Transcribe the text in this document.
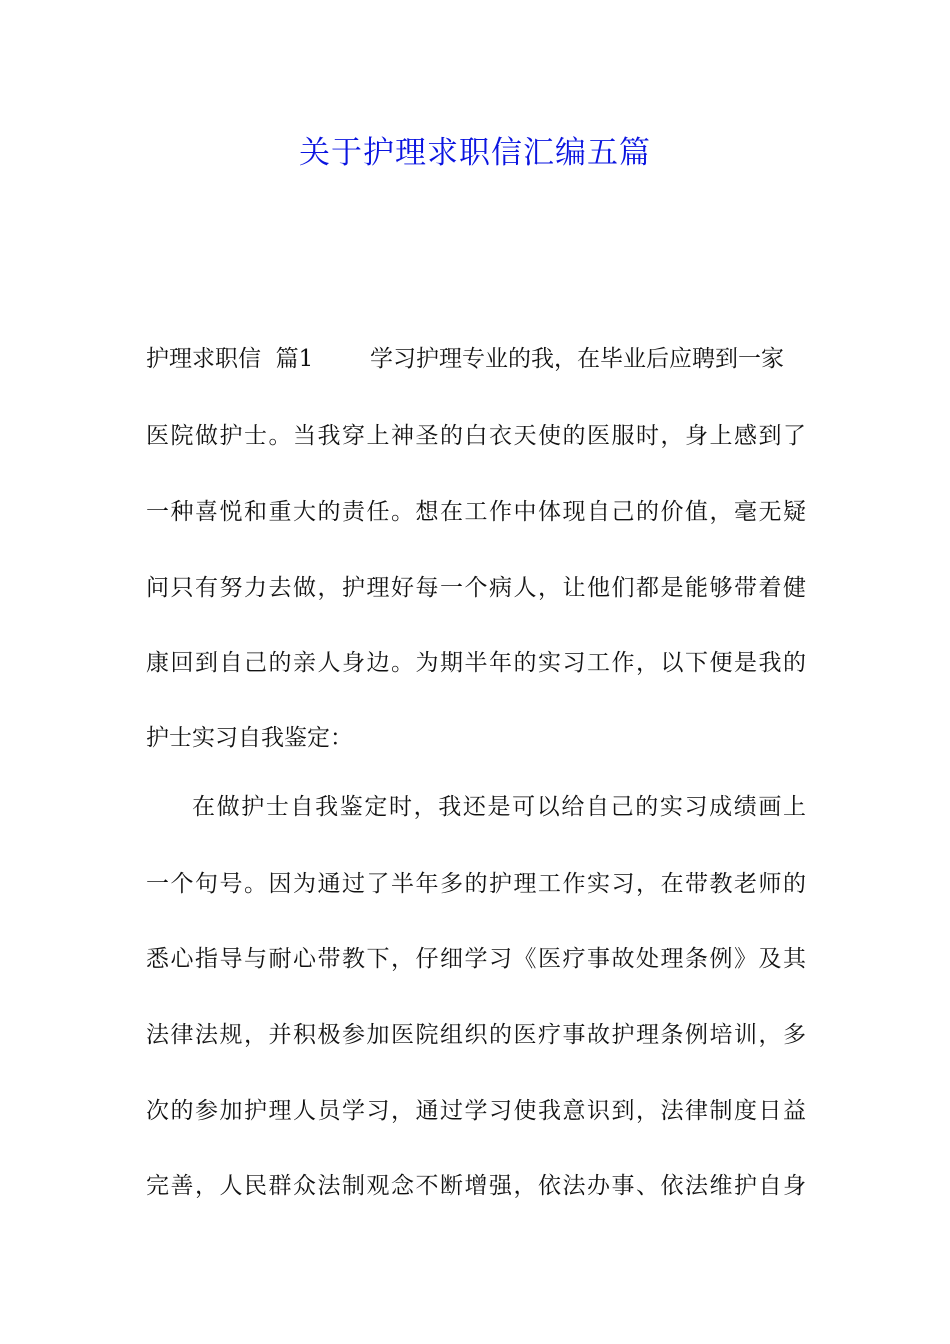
关于护理求职信汇编五篇
护理求职信  篇1 学习护理专业的我，在毕业后应聘到一家
医院做护士。当我穿上神圣的白衣天使的医服时，身上感到了
一种喜悦和重大的责任。想在工作中体现自己的价值，毫无疑
问只有努力去做，护理好每一个病人，让他们都是能够带着健
康回到自己的亲人身边。为期半年的实习工作，以下便是我的
护士实习自我鉴定：
在做护士自我鉴定时，我还是可以给自己的实习成绩画上
一个句号。因为通过了半年多的护理工作实习，在带教老师的
悉心指导与耐心带教下，仔细学习《医疗事故处理条例》及其
法律法规，并积极参加医院组织的医疗事故护理条例培训，多
次的参加护理人员学习，通过学习使我意识到，法律制度日益
完善，人民群众法制观念不断增强，依法办事、依法维护自身
